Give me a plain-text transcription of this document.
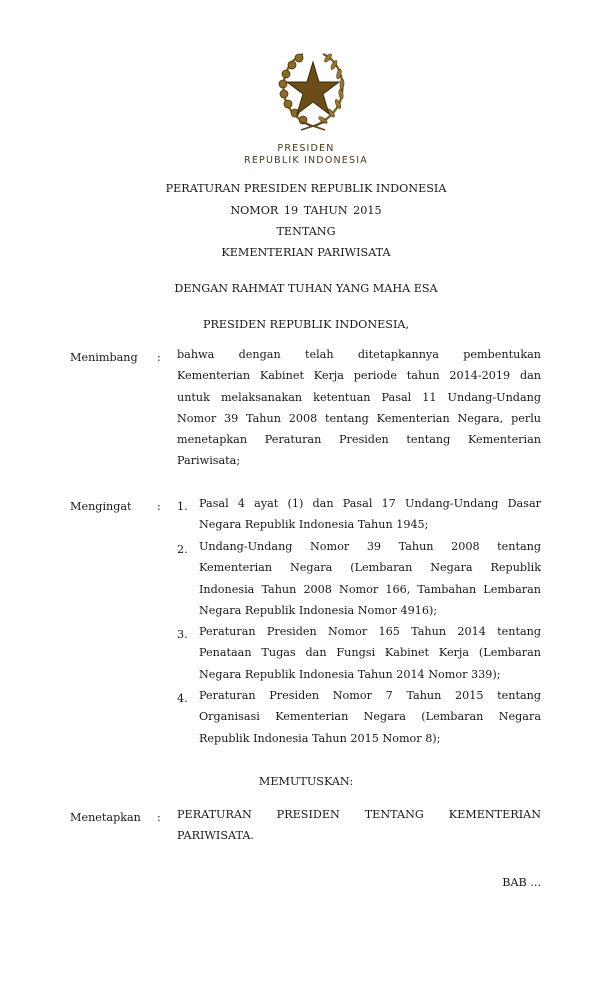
PRESIDEN
REPUBLIK INDONESIA
PERATURAN PRESIDEN REPUBLIK INDONESIA
NOMOR 19 TAHUN 2015
TENTANG
KEMENTERIAN PARIWISATA
DENGAN RAHMAT TUHAN YANG MAHA ESA
PRESIDEN REPUBLIK INDONESIA,
Menimbang : bahwa dengan telah ditetapkannya pembentukan
Kementerian Kabinet Kerja periode tahun 2014-2019 dan
untuk melaksanakan ketentuan Pasal 11 Undang-Undang
Nomor 39 Tahun 2008 tentang Kementerian Negara, perlu
menetapkan Peraturan Presiden tentang Kementerian
Pariwisata;
Mengingat : 1. Pasal 4 ayat (1) dan Pasal 17 Undang-Undang Dasar
Negara Republik Indonesia Tahun 1945;
2. Undang-Undang Nomor 39 Tahun 2008 tentang
Kementerian Negara (Lembaran Negara Republik
Indonesia Tahun 2008 Nomor 166, Tambahan Lembaran
Negara Republik Indonesia Nomor 4916);
3. Peraturan Presiden Nomor 165 Tahun 2014 tentang
Penataan Tugas dan Fungsi Kabinet Kerja (Lembaran
Negara Republik Indonesia Tahun 2014 Nomor 339);
4. Peraturan Presiden Nomor 7 Tahun 2015 tentang
Organisasi Kementerian Negara (Lembaran Negara
Republik Indonesia Tahun 2015 Nomor 8);
MEMUTUSKAN:
Menetapkan : PERATURAN PRESIDEN TENTANG KEMENTERIAN
PARIWISATA.
BAB ...
